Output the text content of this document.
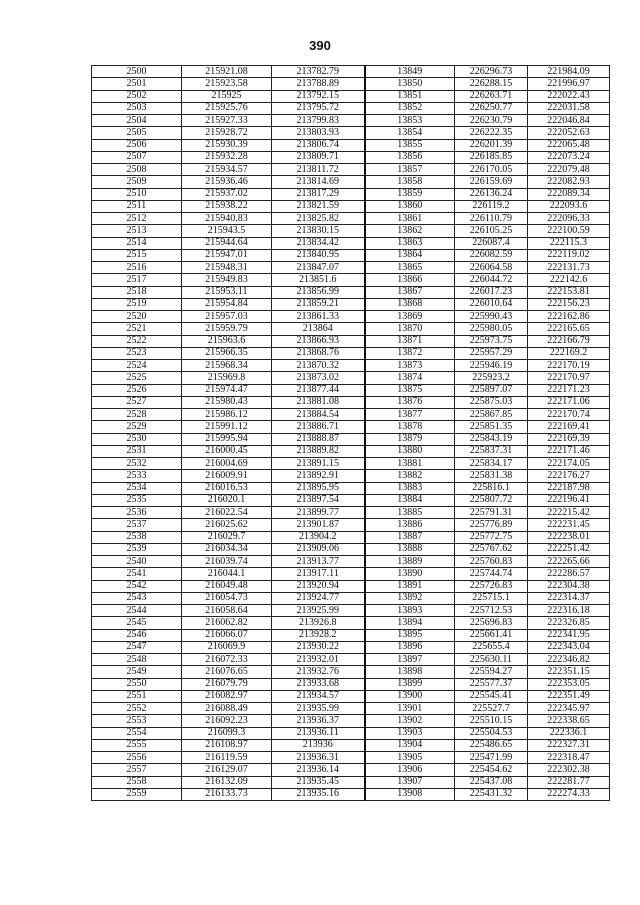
390
2500	215921.08	213782.79	13849	226296.73	221984.09
2501	215923.58	213788.89	13850	226288.15	221996.97
2502	215925	213792.15	13851	226263.71	222022.43
2503	215925.76	213795.72	13852	226250.77	222031.58
2504	215927.33	213799.83	13853	226230.79	222046.84
2505	215928.72	213803.93	13854	226222.35	222052.63
2506	215930.39	213806.74	13855	226201.39	222065.48
2507	215932.28	213809.71	13856	226185.85	222073.24
2508	215934.57	213811.72	13857	226170.05	222079.48
2509	215936.46	213814.69	13858	226159.69	222082.93
2510	215937.02	213817.29	13859	226136.24	222089.34
2511	215938.22	213821.59	13860	226119.2	222093.6
2512	215940.83	213825.82	13861	226110.79	222096.33
2513	215943.5	213830.15	13862	226105.25	222100.59
2514	215944.64	213834.42	13863	226087.4	222115.3
2515	215947.01	213840.95	13864	226082.59	222119.02
2516	215948.31	213847.07	13865	226064.58	222131.73
2517	215949.83	213851.6	13866	226044.72	222142.6
2518	215953.11	213856.99	13867	226017.23	222153.81
2519	215954.84	213859.21	13868	226010.64	222156.23
2520	215957.03	213861.33	13869	225990.43	222162.86
2521	215959.79	213864	13870	225980.05	222165.65
2522	215963.6	213866.93	13871	225973.75	222166.79
2523	215966.35	213868.76	13872	225957.29	222169.2
2524	215968.34	213870.32	13873	225946.19	222170.19
2525	215969.8	213873.02	13874	225923.2	222170.97
2526	215974.47	213877.44	13875	225897.07	222171.23
2527	215980.43	213881.08	13876	225875.03	222171.06
2528	215986.12	213884.54	13877	225867.85	222170.74
2529	215991.12	213886.71	13878	225851.35	222169.41
2530	215995.94	213888.87	13879	225843.19	222169.39
2531	216000.45	213889.82	13880	225837.31	222171.46
2532	216004.69	213891.15	13881	225834.17	222174.05
2533	216009.91	213892.91	13882	225831.38	222176.27
2534	216016.53	213895.95	13883	225816.1	222187.98
2535	216020.1	213897.54	13884	225807.72	222196.41
2536	216022.54	213899.77	13885	225791.31	222215.42
2537	216025.62	213901.87	13886	225776.89	222231.45
2538	216029.7	213904.2	13887	225772.75	222238.01
2539	216034.34	213909.06	13888	225767.62	222251.42
2540	216039.74	213913.77	13889	225760.83	222265.66
2541	216044.1	213917.11	13890	225744.74	222286.57
2542	216049.48	213920.94	13891	225726.83	222304.38
2543	216054.73	213924.77	13892	225715.1	222314.37
2544	216058.64	213925.99	13893	225712.53	222316.18
2545	216062.82	213926.8	13894	225696.83	222326.85
2546	216066.07	213928.2	13895	225661.41	222341.95
2547	216069.9	213930.22	13896	225655.4	222343.04
2548	216072.33	213932.01	13897	225630.11	222346.82
2549	216076.65	213932.76	13898	225594.27	222351.15
2550	216079.79	213933.68	13899	225577.37	222353.05
2551	216082.97	213934.57	13900	225545.41	222351.49
2552	216088.49	213935.99	13901	225527.7	222345.97
2553	216092.23	213936.37	13902	225510.15	222338.65
2554	216099.3	213936.11	13903	225504.53	222336.1
2555	216108.97	213936	13904	225486.65	222327.31
2556	216119.59	213936.31	13905	225471.99	222318.47
2557	216129.07	213936.14	13906	225454.62	222302.38
2558	216132.09	213935.45	13907	225437.08	222281.77
2559	216133.73	213935.16	13908	225431.32	222274.33
